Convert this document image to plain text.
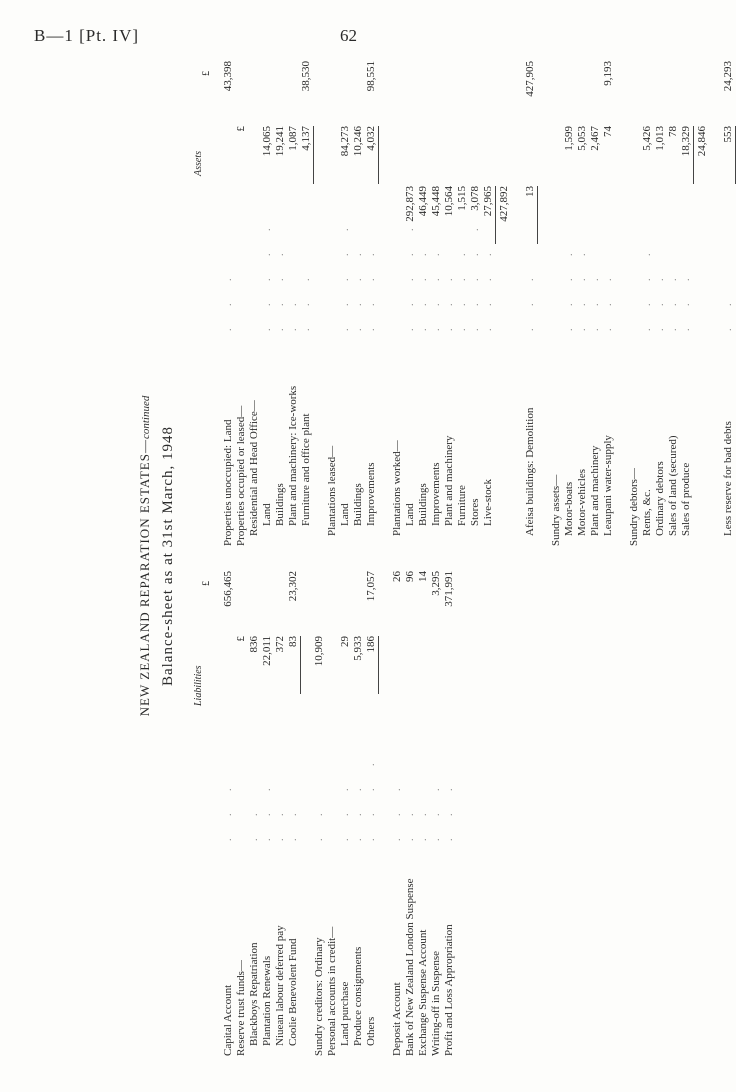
B—1 [Pt. IV]	62
NEW ZEALAND REPARATION ESTATES—continued
Balance-sheet as at 31st March, 1948 Liabilities
£
Capital Account
. . .
656,465
Reserve trust funds—
£
Blackboys Repatriation
. .
836
Plantation Renewals
. . .
22,011
Niuean labour deferred pay
. .
372
Coolie Benevolent Fund
. .
83
23,302
Sundry creditors: Ordinary
. .
10,909
Personal accounts in credit— Land purchase
. . .
29
Produce consignments
. . .
5,933
Others
. . . .
186
17,057
Deposit Account
. . .
26
Bank of New Zealand London Suspense
. .
96
Exchange Suspense Account
. .
14
Writing-off in Suspense
. . .
3,295
Profit and Loss Appropriation
. . .
371,991
Assets
£
Properties unoccupied: Land
. . .
43,398
Properties occupied or leased—
£
Residential and Head Office— Land
. . . . .
14,065
Buildings
. . . .
19,241
Plant and machinery: Ice-works
. .
1,087
Furniture and office plant
. . .
4,137
38,530
Plantations leased— Land
. . . . .
84,273
Buildings
. . . .
10,246
Improvements
. . . .
4,032
98,551
Plantations worked— Land
. . . . .
292,873
Buildings
. . . .
46,449
Improvements
. . . .
45,448
Plant and machinery
. . .
10,564
Furniture
. . . .
1,515
Stores
. . . . .
3,078
Live-stock
. . . .
27,965 427,892
Afeisa buildings: Demolition
. . .
13
427,905
Sundry assets— Motor-boats
. . . .
1,599
Motor-vehicles
. . . .
5,053
Plant and machinery
. . .
2,467
Leaupani water-supply
. . .
74
9,193
Sundry debtors— Rents, &c.
. . . .
5,426
Ordinary debtors
. . .
1,013
Sales of land (secured)
. . .
78
Sales of produce
. . .
18,329 24,846
Less reserve for bad debts
. .
553
24,293
